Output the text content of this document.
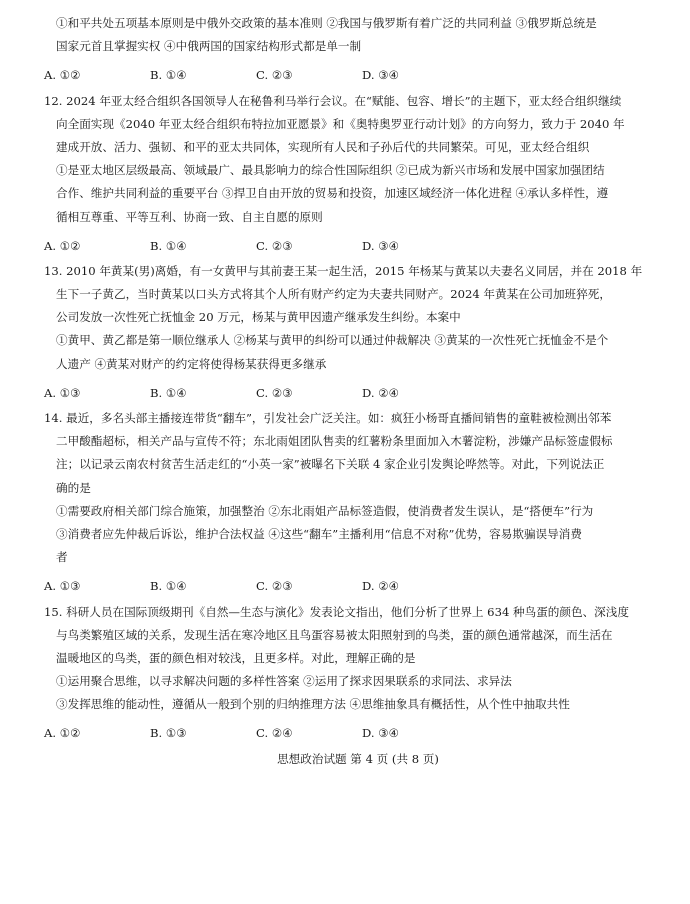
①和平共处五项基本原则是中俄外交政策的基本准则 ②我国与俄罗斯有着广泛的共同利益 ③俄罗斯总统是
国家元首且掌握实权 ④中俄两国的国家结构形式都是单一制
A. ①②	B. ①④	C. ②③	D. ③④
12. 2024 年亚太经合组织各国领导人在秘鲁利马举行会议。在“赋能、包容、增长”的主题下，亚太经合组织继续
向全面实现《2040 年亚太经合组织布特拉加亚愿景》和《奥特奥罗亚行动计划》的方向努力，致力于 2040 年
建成开放、活力、强韧、和平的亚太共同体，实现所有人民和子孙后代的共同繁荣。可见，亚太经合组织
①是亚太地区层级最高、领域最广、最具影响力的综合性国际组织 ②已成为新兴市场和发展中国家加强团结
合作、维护共同利益的重要平台 ③捍卫自由开放的贸易和投资，加速区域经济一体化进程 ④承认多样性，遵
循相互尊重、平等互利、协商一致、自主自愿的原则
A. ①②	B. ①④	C. ②③	D. ③④
13. 2010 年黄某(男)离婚，有一女黄甲与其前妻王某一起生活，2015 年杨某与黄某以夫妻名义同居，并在 2018 年
生下一子黄乙，当时黄某以口头方式将其个人所有财产约定为夫妻共同财产。2024 年黄某在公司加班猝死，
公司发放一次性死亡抚恤金 20 万元，杨某与黄甲因遗产继承发生纠纷。本案中
①黄甲、黄乙都是第一顺位继承人 ②杨某与黄甲的纠纷可以通过仲裁解决 ③黄某的一次性死亡抚恤金不是个
人遗产 ④黄某对财产的约定将使得杨某获得更多继承
A. ①③	B. ①④	C. ②③	D. ②④
14. 最近，多名头部主播接连带货“翻车”，引发社会广泛关注。如：疯狂小杨哥直播间销售的童鞋被检测出邻苯
二甲酸酯超标，相关产品与宣传不符；东北雨姐团队售卖的红薯粉条里面加入木薯淀粉，涉嫌产品标签虚假标
注；以记录云南农村贫苦生活走红的“小英一家”被曝名下关联 4 家企业引发舆论哗然等。对此，下列说法正
确的是
①需要政府相关部门综合施策，加强整治 ②东北雨姐产品标签造假，使消费者发生误认，是“搭便车”行为
③消费者应先仲裁后诉讼，维护合法权益 ④这些“翻车”主播利用“信息不对称”优势，容易欺骗误导消费
者
A. ①③	B. ①④	C. ②③	D. ②④
15. 科研人员在国际顶级期刊《自然—生态与演化》发表论文指出，他们分析了世界上 634 种鸟蛋的颜色、深浅度
与鸟类繁殖区域的关系，发现生活在寒冷地区且鸟蛋容易被太阳照射到的鸟类，蛋的颜色通常越深，而生活在
温暖地区的鸟类，蛋的颜色相对较浅，且更多样。对此，理解正确的是
①运用聚合思维，以寻求解决问题的多样性答案 ②运用了探求因果联系的求同法、求异法
③发挥思维的能动性，遵循从一般到个别的归纳推理方法 ④思维抽象具有概括性，从个性中抽取共性
A. ①②	B. ①③	C. ②④	D. ③④
思想政治试题 第 4 页 (共 8 页)
